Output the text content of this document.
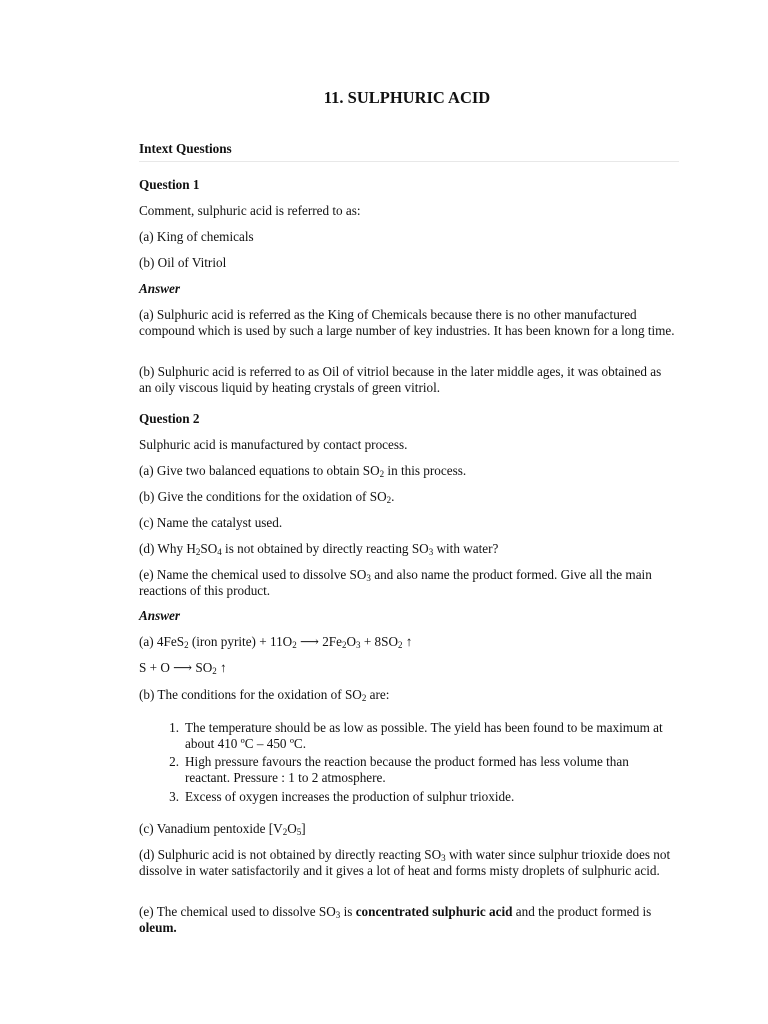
11. SULPHURIC ACID
Intext Questions
Question 1
Comment, sulphuric acid is referred to as:
(a) King of chemicals
(b) Oil of Vitriol
Answer
(a) Sulphuric acid is referred as the King of Chemicals because there is no other manufactured compound which is used by such a large number of key industries. It has been known for a long time.
(b) Sulphuric acid is referred to as Oil of vitriol because in the later middle ages, it was obtained as an oily viscous liquid by heating crystals of green vitriol.
Question 2
Sulphuric acid is manufactured by contact process.
(a) Give two balanced equations to obtain $SO_2$ in this process.
(b) Give the conditions for the oxidation of $SO_2$.
(c) Name the catalyst used.
(d) Why $H_2SO_4$ is not obtained by directly reacting $SO_3$ with water?
(e) Name the chemical used to dissolve $SO_3$ and also name the product formed. Give all the main reactions of this product.
Answer
(a) 4FeS$_2$ (iron pyrite) + $11O_2$ ⟶ $2Fe_2O_3 + 8SO_2$ ↑
S + O ⟶ $SO_2$ ↑
(b) The conditions for the oxidation of $SO_2$ are:
1. The temperature should be as low as possible. The yield has been found to be maximum at about 410 ºC – 450 ºC.
2. High pressure favours the reaction because the product formed has less volume than reactant. Pressure : 1 to 2 atmosphere.
3. Excess of oxygen increases the production of sulphur trioxide.
(c) Vanadium pentoxide $[V_2O_5]$
(d) Sulphuric acid is not obtained by directly reacting $SO_3$ with water since sulphur trioxide does not dissolve in water satisfactorily and it gives a lot of heat and forms misty droplets of sulphuric acid.
(e) The chemical used to dissolve $SO_3$ is concentrated sulphuric acid and the product formed is oleum.
